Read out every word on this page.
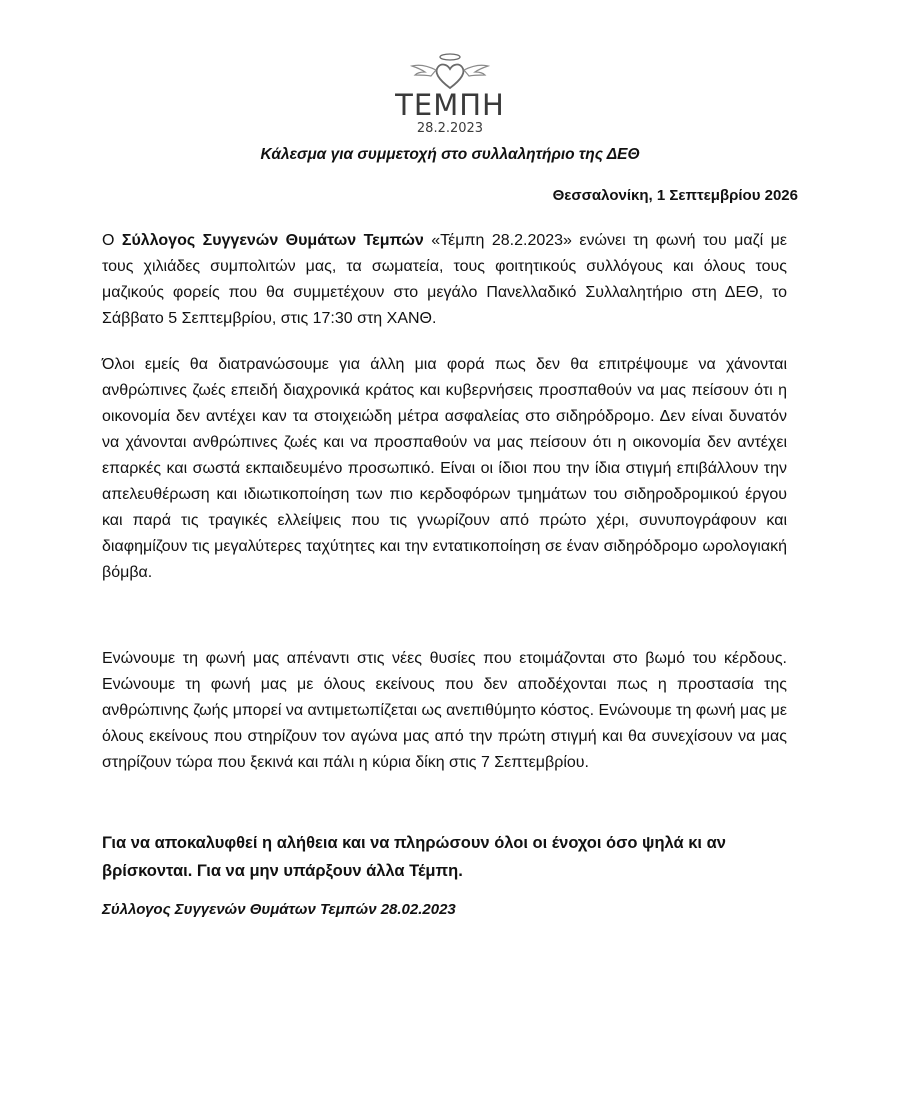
ΤΕΜΠΗ
28.2.2023
Κάλεσμα για συμμετοχή στο συλλαλητήριο της ΔΕΘ
Θεσσαλονίκη, 1 Σεπτεμβρίου 2026
Ο Σύλλογος Συγγενών Θυμάτων Τεμπών «Τέμπη 28.2.2023» ενώνει τη φωνή του μαζί με τους χιλιάδες συμπολιτών μας, τα σωματεία, τους φοιτητικούς συλλόγους και όλους τους μαζικούς φορείς που θα συμμετέχουν στο μεγάλο Πανελλαδικό Συλλαλητήριο στη ΔΕΘ, το Σάββατο 5 Σεπτεμβρίου, στις 17:30 στη ΧΑΝΘ.
Όλοι εμείς θα διατρανώσουμε για άλλη μια φορά πως δεν θα επιτρέψουμε να χάνονται ανθρώπινες ζωές επειδή διαχρονικά κράτος και κυβερνήσεις προσπαθούν να μας πείσουν ότι η οικονομία δεν αντέχει καν τα στοιχειώδη μέτρα ασφαλείας στο σιδηρόδρομο. Δεν είναι δυνατόν να χάνονται ανθρώπινες ζωές και να προσπαθούν να μας πείσουν ότι η οικονομία δεν αντέχει επαρκές και σωστά εκπαιδευμένο προσωπικό. Είναι οι ίδιοι που την ίδια στιγμή επιβάλλουν την απελευθέρωση και ιδιωτικοποίηση των πιο κερδοφόρων τμημάτων του σιδηροδρομικού έργου και παρά τις τραγικές ελλείψεις που τις γνωρίζουν από πρώτο χέρι, συνυπογράφουν και διαφημίζουν τις μεγαλύτερες ταχύτητες και την εντατικοποίηση σε έναν σιδηρόδρομο ωρολογιακή βόμβα.
Ενώνουμε τη φωνή μας απέναντι στις νέες θυσίες που ετοιμάζονται στο βωμό του κέρδους. Ενώνουμε τη φωνή μας με όλους εκείνους που δεν αποδέχονται πως η προστασία της ανθρώπινης ζωής μπορεί να αντιμετωπίζεται ως ανεπιθύμητο κόστος. Ενώνουμε τη φωνή μας με όλους εκείνους που στηρίζουν τον αγώνα μας από την πρώτη στιγμή και θα συνεχίσουν να μας στηρίζουν τώρα που ξεκινά και πάλι η κύρια δίκη στις 7 Σεπτεμβρίου.
Για να αποκαλυφθεί η αλήθεια και να πληρώσουν όλοι οι ένοχοι όσο ψηλά κι αν βρίσκονται. Για να μην υπάρξουν άλλα Τέμπη.
Σύλλογος Συγγενών Θυμάτων Τεμπών 28.02.2023
